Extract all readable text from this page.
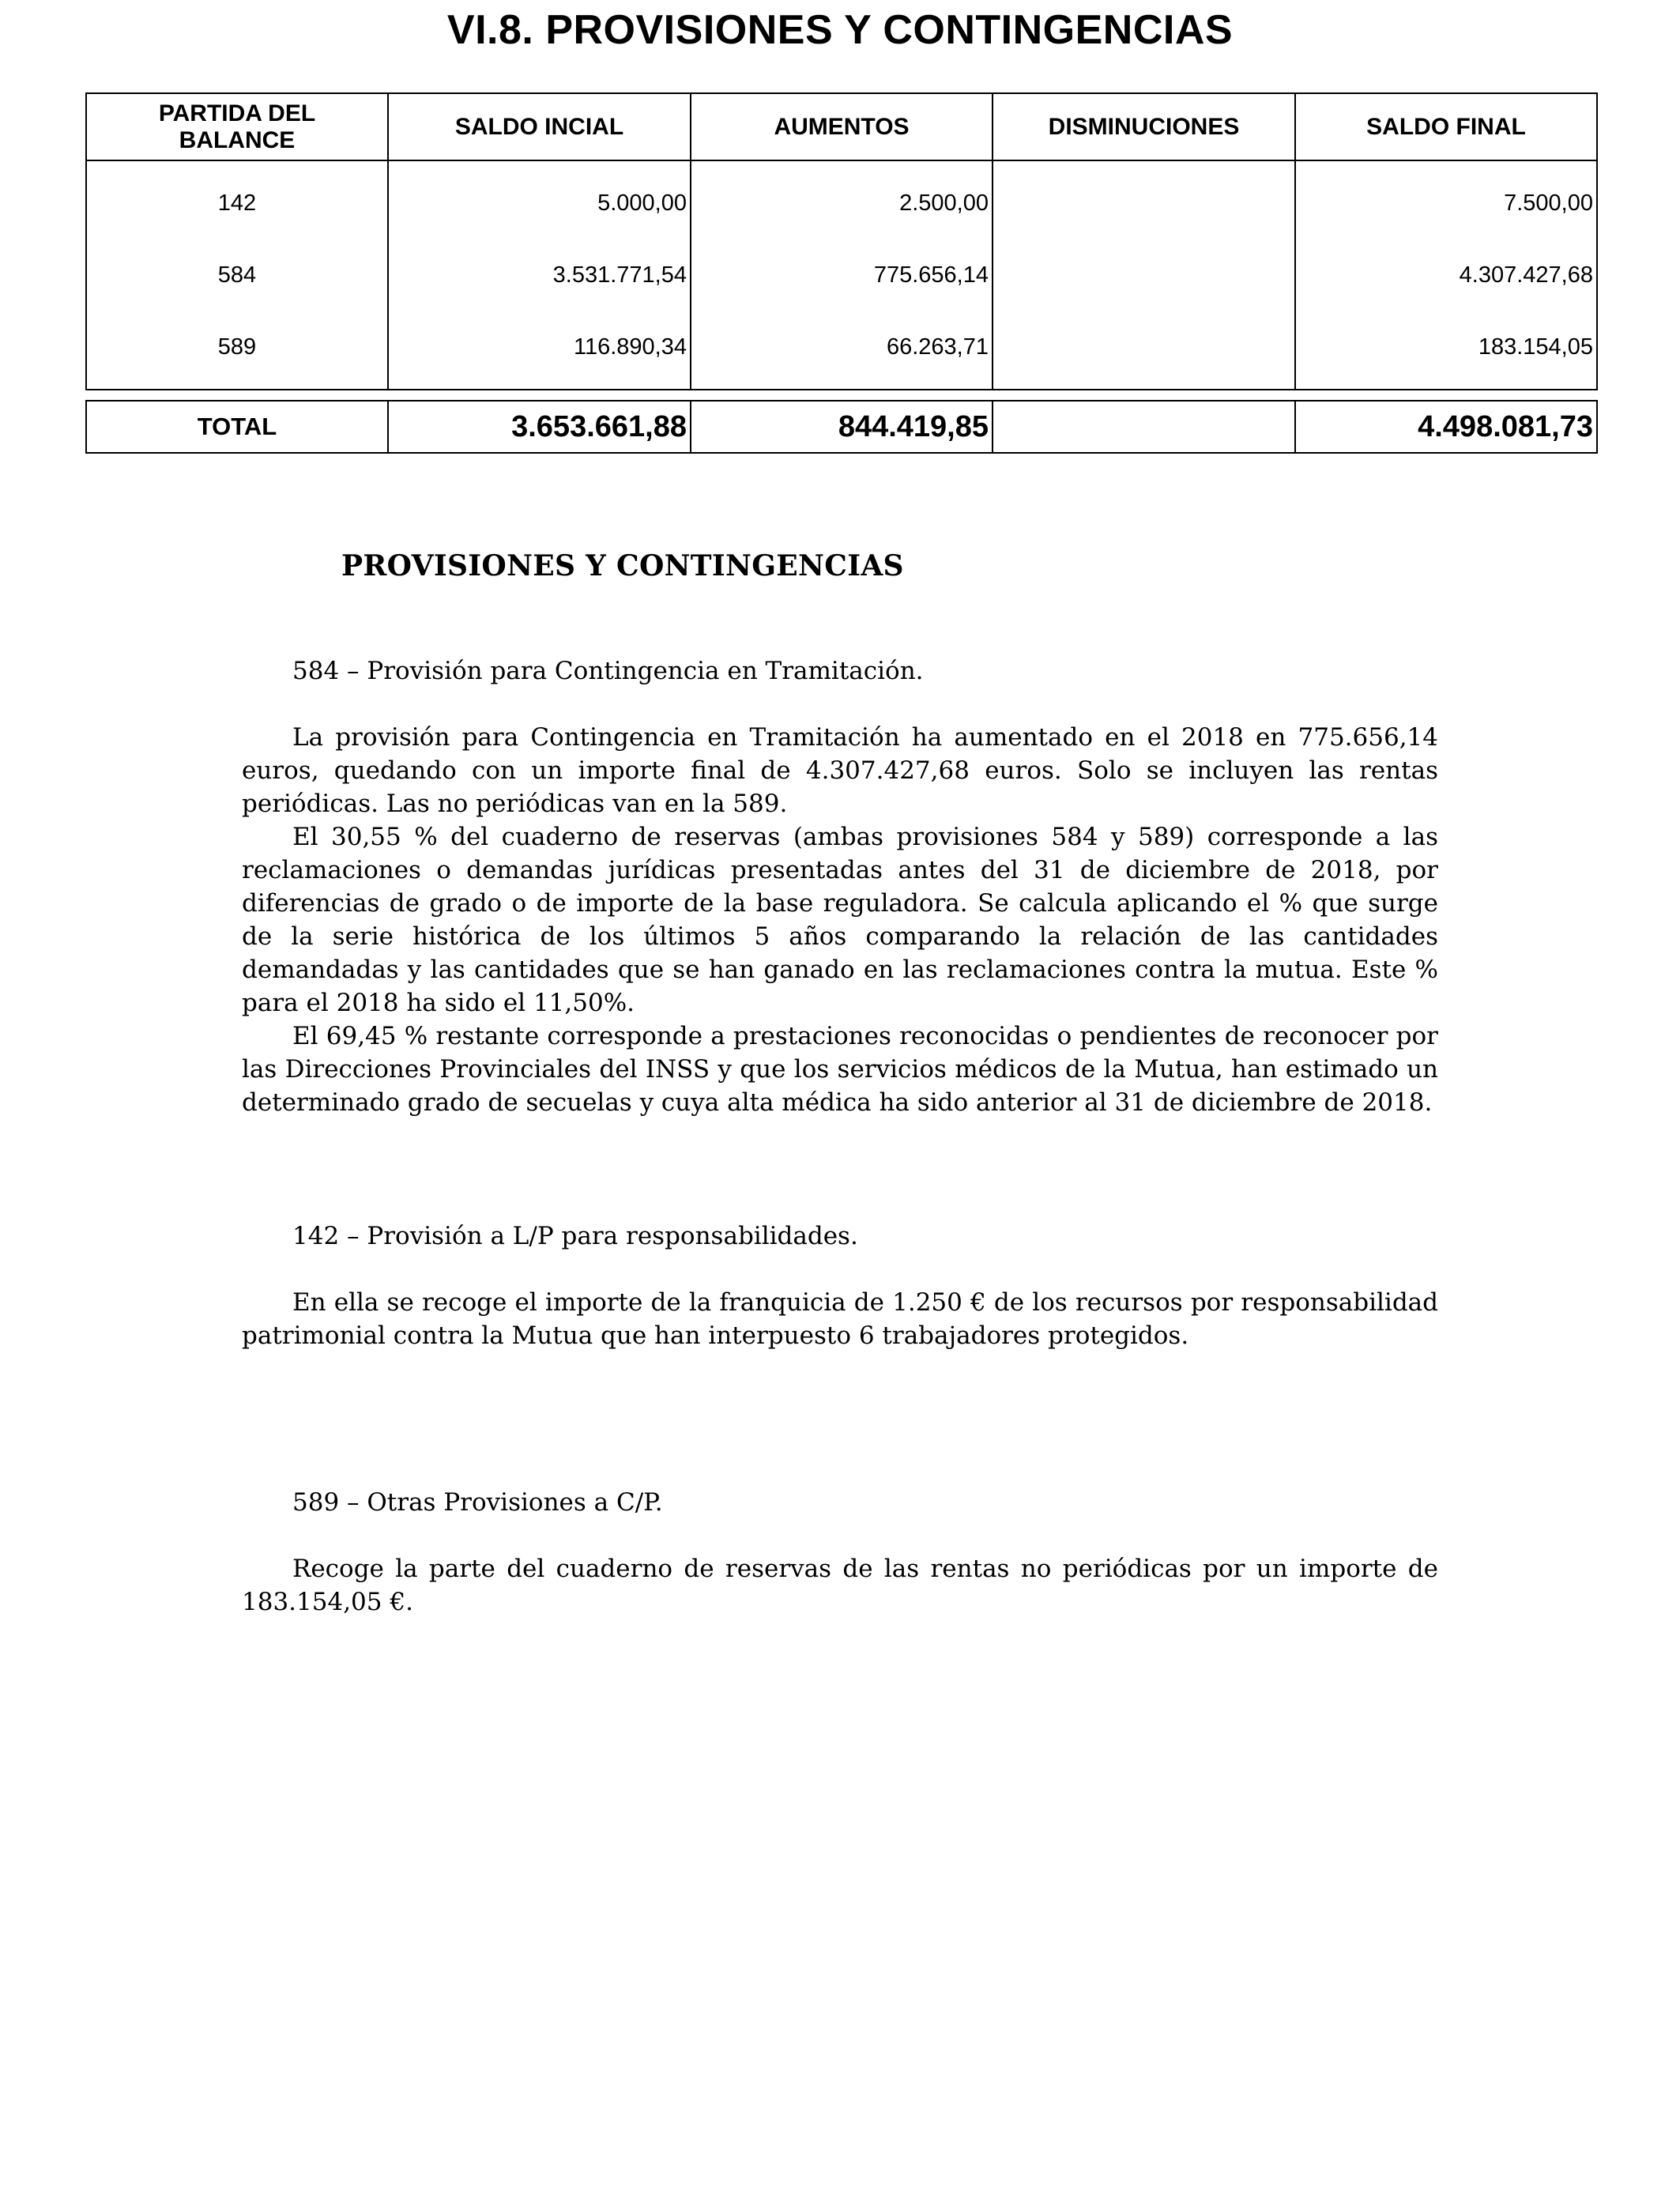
VI.8. PROVISIONES Y CONTINGENCIAS
PARTIDA DEL BALANCE	SALDO INCIAL	AUMENTOS	DISMINUCIONES	SALDO FINAL
142	5.000,00	2.500,00		7.500,00
584	3.531.771,54	775.656,14		4.307.427,68
589	116.890,34	66.263,71		183.154,05
TOTAL	3.653.661,88	844.419,85		4.498.081,73
PROVISIONES Y CONTINGENCIAS

584 – Provisión para Contingencia en Tramitación.

La provisión para Contingencia en Tramitación ha aumentado en el 2018 en 775.656,14 euros, quedando con un importe final de 4.307.427,68 euros. Solo se incluyen las rentas periódicas. Las no periódicas van en la 589.

El 30,55 % del cuaderno de reservas (ambas provisiones 584 y 589) corresponde a las reclamaciones o demandas jurídicas presentadas antes del 31 de diciembre de 2018, por diferencias de grado o de importe de la base reguladora. Se calcula aplicando el % que surge de la serie histórica de los últimos 5 años comparando la relación de las cantidades demandadas y las cantidades que se han ganado en las reclamaciones contra la mutua. Este % para el 2018 ha sido el 11,50%.

El 69,45 % restante corresponde a prestaciones reconocidas o pendientes de reconocer por las Direcciones Provinciales del INSS y que los servicios médicos de la Mutua, han estimado un determinado grado de secuelas y cuya alta médica ha sido anterior al 31 de diciembre de 2018.

142 – Provisión a L/P para responsabilidades.

En ella se recoge el importe de la franquicia de 1.250 € de los recursos por responsabilidad patrimonial contra la Mutua que han interpuesto 6 trabajadores protegidos.

589 – Otras Provisiones a C/P.

Recoge la parte del cuaderno de reservas de las rentas no periódicas por un importe de 183.154,05 €.
